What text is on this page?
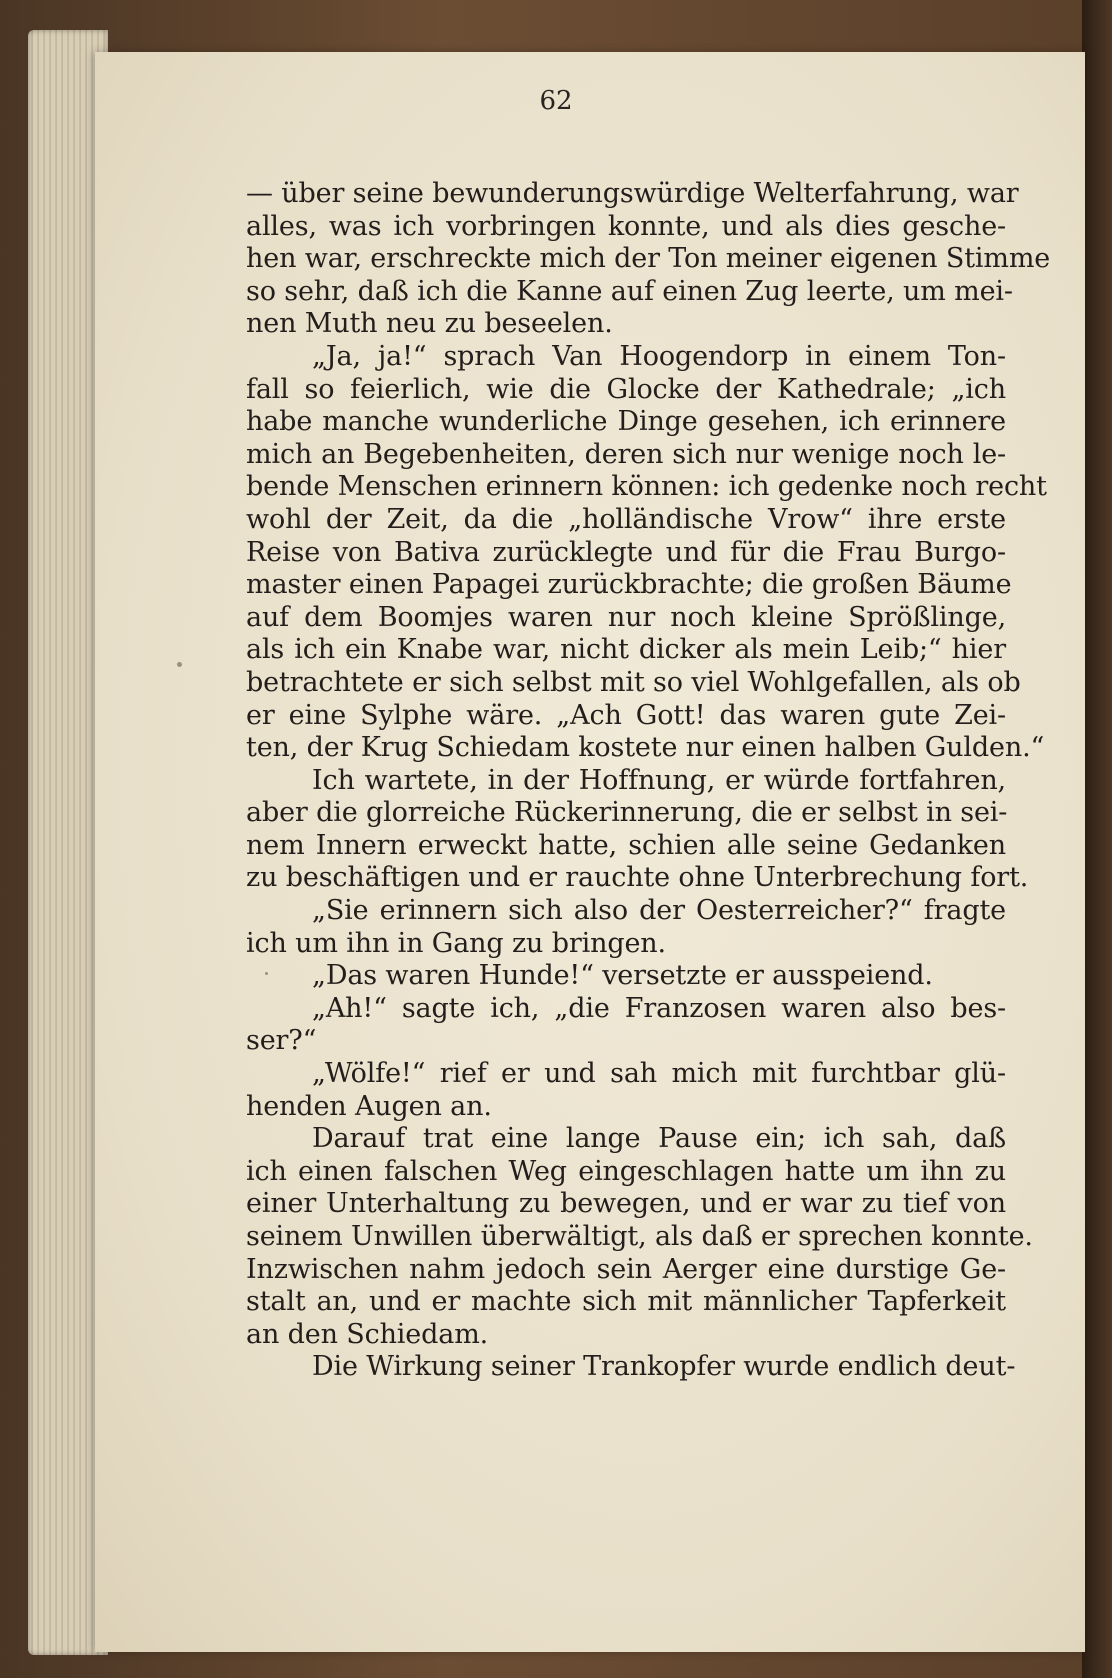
62
— über seine bewunderungswürdige Welterfahrung, war
alles, was ich vorbringen konnte, und als dies gesche-
hen war, erschreckte mich der Ton meiner eigenen Stimme
so sehr, daß ich die Kanne auf einen Zug leerte, um mei-
nen Muth neu zu beseelen.
„Ja, ja!“ sprach Van Hoogendorp in einem Ton-
fall so feierlich, wie die Glocke der Kathedrale; „ich
habe manche wunderliche Dinge gesehen, ich erinnere
mich an Begebenheiten, deren sich nur wenige noch le-
bende Menschen erinnern können: ich gedenke noch recht
wohl der Zeit, da die „holländische Vrow“ ihre erste
Reise von Bativa zurücklegte und für die Frau Burgo-
master einen Papagei zurückbrachte; die großen Bäume
auf dem Boomjes waren nur noch kleine Sprößlinge,
als ich ein Knabe war, nicht dicker als mein Leib;“ hier
betrachtete er sich selbst mit so viel Wohlgefallen, als ob
er eine Sylphe wäre. „Ach Gott! das waren gute Zei-
ten, der Krug Schiedam kostete nur einen halben Gulden.“
Ich wartete, in der Hoffnung, er würde fortfahren,
aber die glorreiche Rückerinnerung, die er selbst in sei-
nem Innern erweckt hatte, schien alle seine Gedanken
zu beschäftigen und er rauchte ohne Unterbrechung fort.
„Sie erinnern sich also der Oesterreicher?“ fragte
ich um ihn in Gang zu bringen.
„Das waren Hunde!“ versetzte er ausspeiend.
„Ah!“ sagte ich, „die Franzosen waren also bes-
ser?“
„Wölfe!“ rief er und sah mich mit furchtbar glü-
henden Augen an.
Darauf trat eine lange Pause ein; ich sah, daß
ich einen falschen Weg eingeschlagen hatte um ihn zu
einer Unterhaltung zu bewegen, und er war zu tief von
seinem Unwillen überwältigt, als daß er sprechen konnte.
Inzwischen nahm jedoch sein Aerger eine durstige Ge-
stalt an, und er machte sich mit männlicher Tapferkeit
an den Schiedam.
Die Wirkung seiner Trankopfer wurde endlich deut-
